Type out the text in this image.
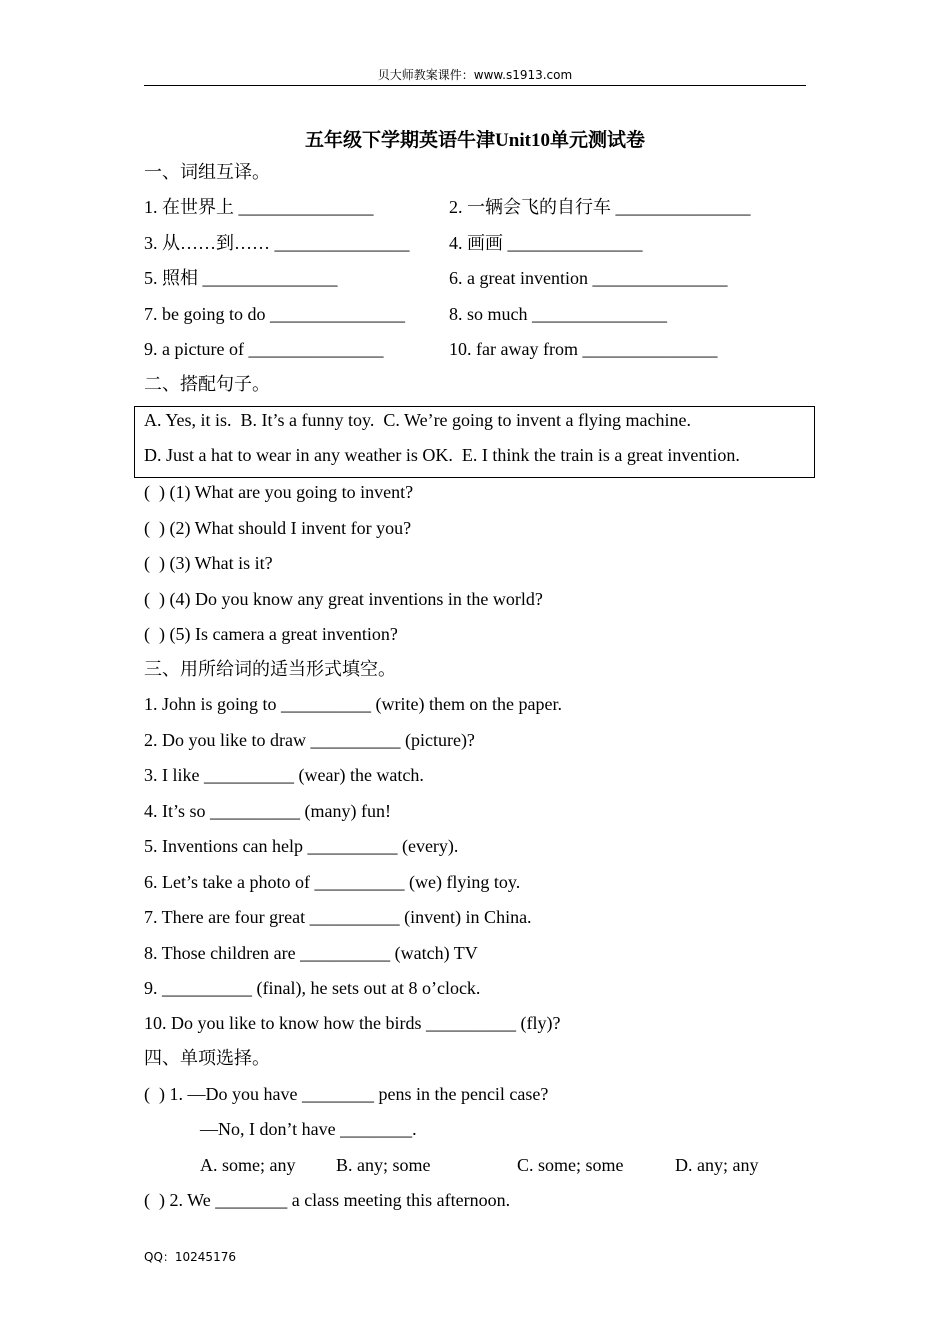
贝大师教案课件：www.s1913.com
五年级下学期英语牛津Unit10单元测试卷
一、词组互译。
1. 在世界上 _______________	2. 一辆会飞的自行车 _______________
3. 从……到…… _______________ 4. 画画 _______________
5. 照相 _______________	6. a great invention _______________
7. be going to do _______________ 8. so much _______________
9. a picture of _______________	10. far away from _______________
二、搭配句子。
A. Yes, it is.  B. It’s a funny toy.  C. We’re going to invent a flying machine.
D. Just a hat to wear in any weather is OK.  E. I think the train is a great invention.
(  ) (1) What are you going to invent?
(  ) (2) What should I invent for you?
(  ) (3) What is it?
(  ) (4) Do you know any great inventions in the world?
(  ) (5) Is camera a great invention?
三、用所给词的适当形式填空。
1. John is going to __________ (write) them on the paper.
2. Do you like to draw __________ (picture)?
3. I like __________ (wear) the watch.
4. It’s so __________ (many) fun!
5. Inventions can help __________ (every).
6. Let’s take a photo of __________ (we) flying toy.
7. There are four great __________ (invent) in China.
8. Those children are __________ (watch) TV
9. __________ (final), he sets out at 8 o’clock.
10. Do you like to know how the birds __________ (fly)?
四、单项选择。
(  ) 1. —Do you have ________ pens in the pencil case?
—No, I don’t have ________.
A. some; any B. any; some	C. some; some	D. any; any
(  ) 2. We ________ a class meeting this afternoon.
QQ：10245176
